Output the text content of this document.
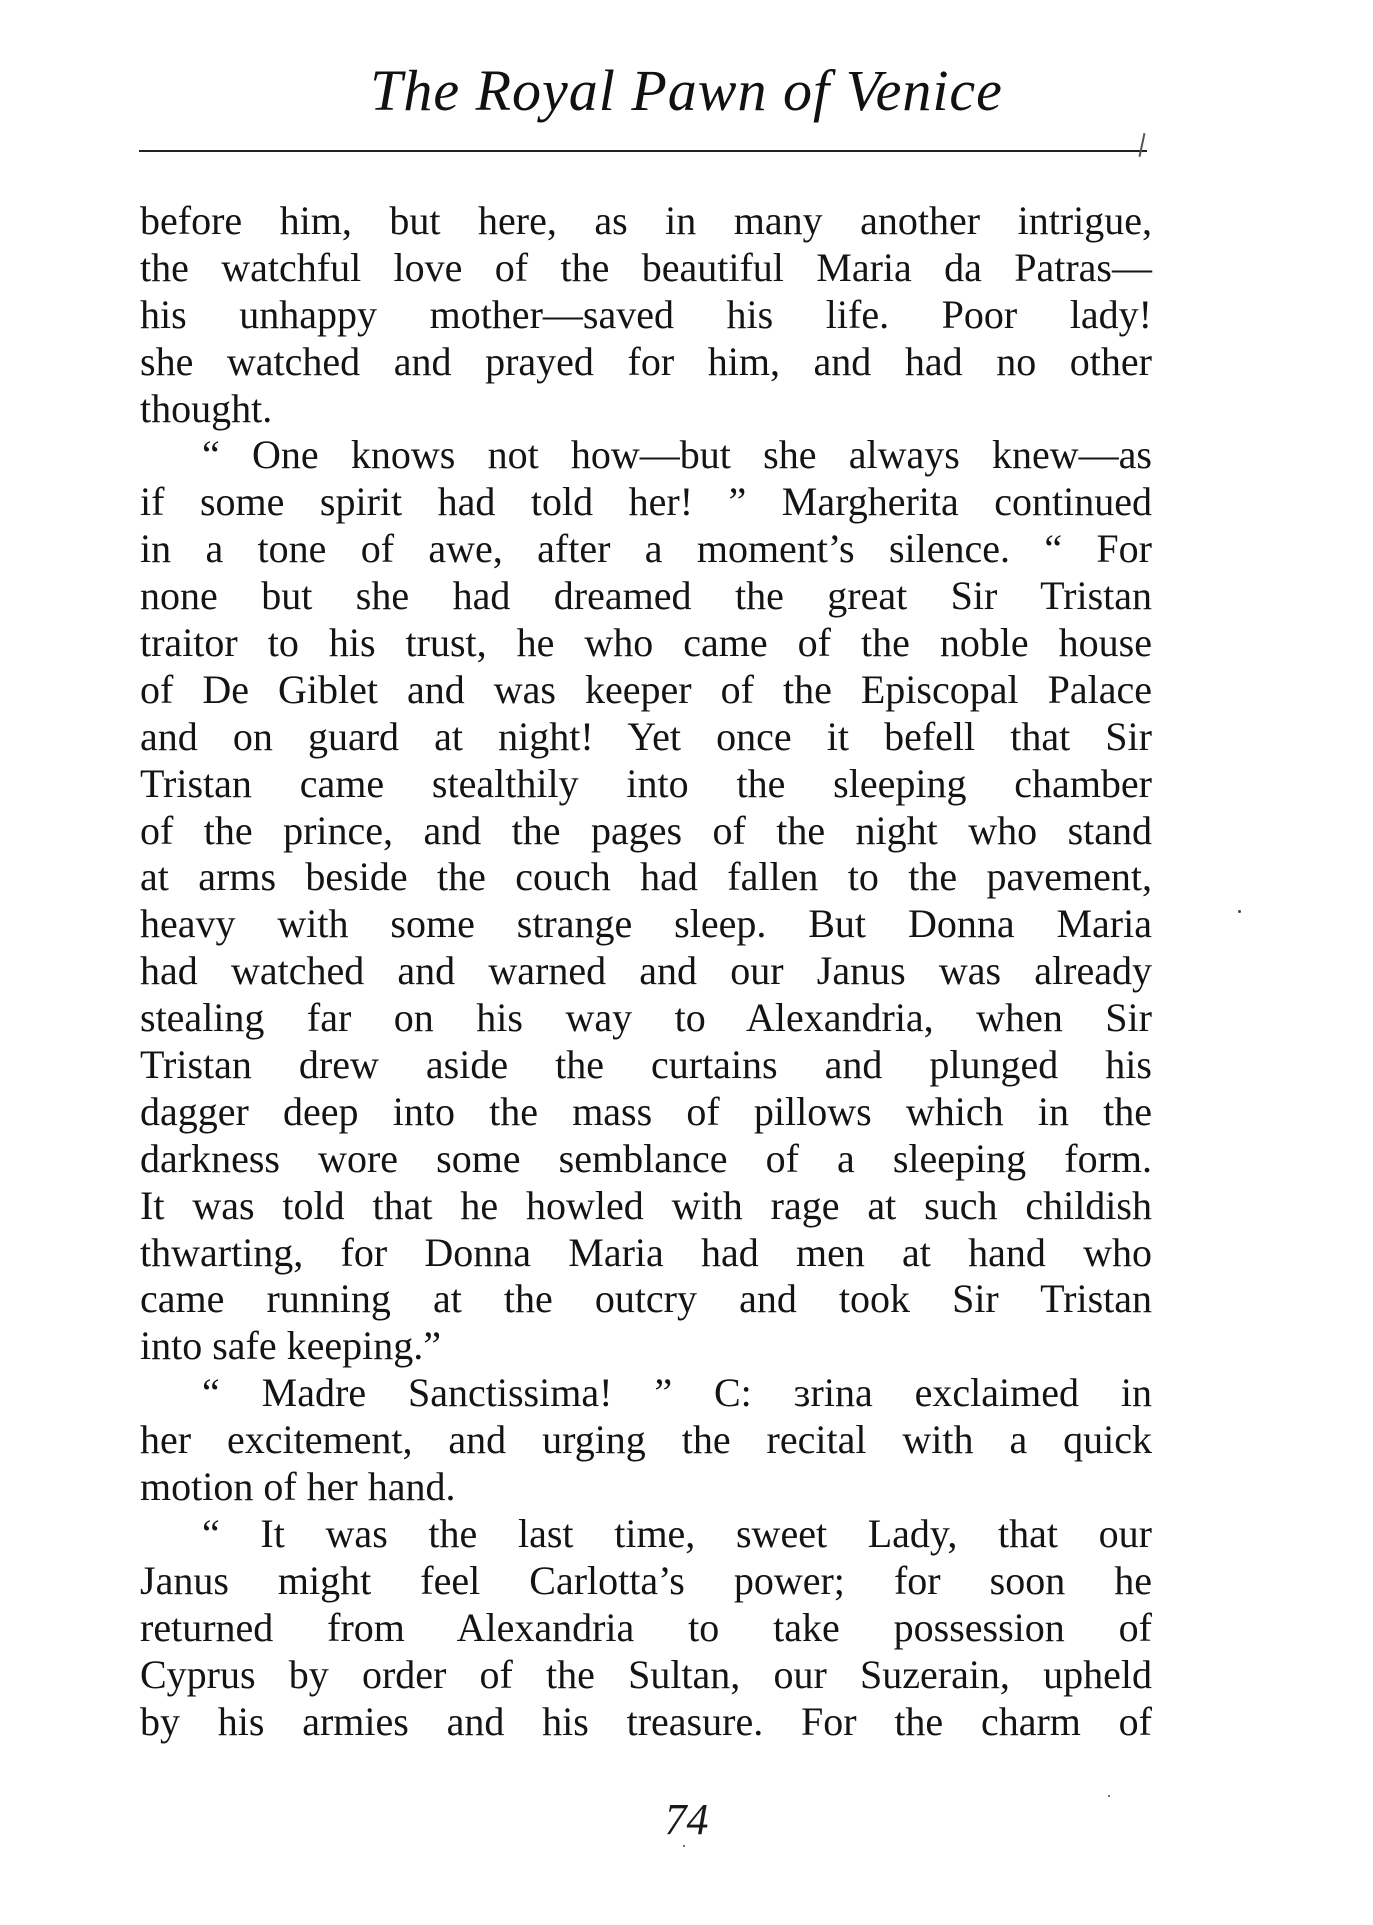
The Royal Pawn of Venice
before him, but here, as in many another intrigue,
the watchful love of the beautiful Maria da Patras—
his unhappy mother—saved his life. Poor lady!
she watched and prayed for him, and had no other
thought.
“ One knows not how—but she always knew—as
if some spirit had told her! ” Margherita continued
in a tone of awe, after a moment’s silence. “ For
none but she had dreamed the great Sir Tristan
traitor to his trust, he who came of the noble house
of De Giblet and was keeper of the Episcopal Palace
and on guard at night! Yet once it befell that Sir
Tristan came stealthily into the sleeping chamber
of the prince, and the pages of the night who stand
at arms beside the couch had fallen to the pavement,
heavy with some strange sleep. But Donna Maria
had watched and warned and our Janus was already
stealing far on his way to Alexandria, when Sir
Tristan drew aside the curtains and plunged his
dagger deep into the mass of pillows which in the
darkness wore some semblance of a sleeping form.
It was told that he howled with rage at such childish
thwarting, for Donna Maria had men at hand who
came running at the outcry and took Sir Tristan
into safe keeping.”
“ Madre Sanctissima! ” C: ɜrina exclaimed in
her excitement, and urging the recital with a quick
motion of her hand.
“ It was the last time, sweet Lady, that our
Janus might feel Carlotta’s power; for soon he
returned from Alexandria to take possession of
Cyprus by order of the Sultan, our Suzerain, upheld
by his armies and his treasure. For the charm of
74
